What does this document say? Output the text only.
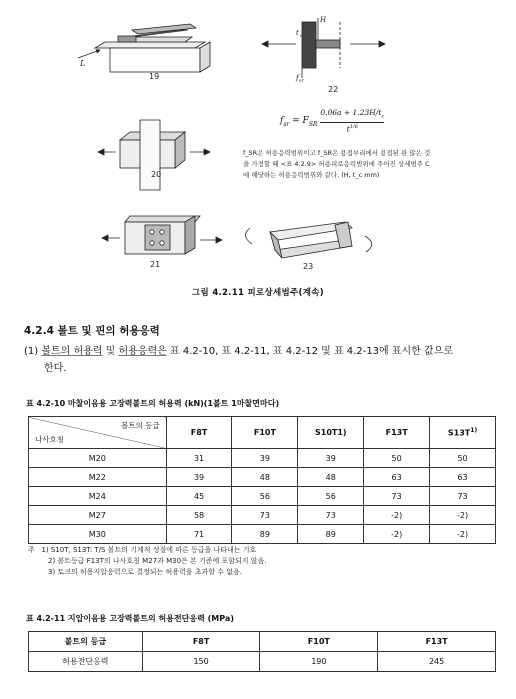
L
t c
H
f sr
19
22
20
21	23
$f_{sr} = F_{SR} \frac{0.06a + 1.23H/t_c}{t^{1/6}}$
f_SR은 허용응력범위이고 f_SR은 용접부리에서 용접된 판 않은 것을 가정할 때 <표 4.2.9> 허용피로응력범위에 주어진 상세범주 C에 해당하는 허용응력범위와 같다. (H, t_c mm)
그림 4.2.11 피로상세범주(계속)
4.2.4 볼트 및 핀의 허용응력
(1) 볼트의 허용력 및 허용응력은 표 4.2-10, 표 4.2-11, 표 4.2-12 및 표 4.2-13에 표시한 값으로
한다.
표 4.2-10 마찰이음용 고장력볼트의 허용력 (kN)(1볼트 1마찰면마다)
볼트의 등급
나사호칭	F8T	F10T	S10T1)	F13T	$S13T^{1)}$
M20	31	39	39	50	50
M22	39	48	48	63	63
M24	45	56	56	73	73
M27	58	73	73	-2)	-2)
M30	71	89	89	-2)	-2)
주 1) S10T, S13T: T/S 볼트의 기계적 성질에 따른 등급을 나타내는 기호
2) 볼트등급 F13T의 나사호칭 M27과 M30은 본 기준에 포함되지 않음.
3) 토크의 허용지압응력으로 결정되는 허용력을 초과할 수 없음.
표 4.2-11 지압이음용 고장력볼트의 허용전단응력 (MPa)
볼트의 등급	F8T	F10T	F13T
허용전단응력	150	190	245
